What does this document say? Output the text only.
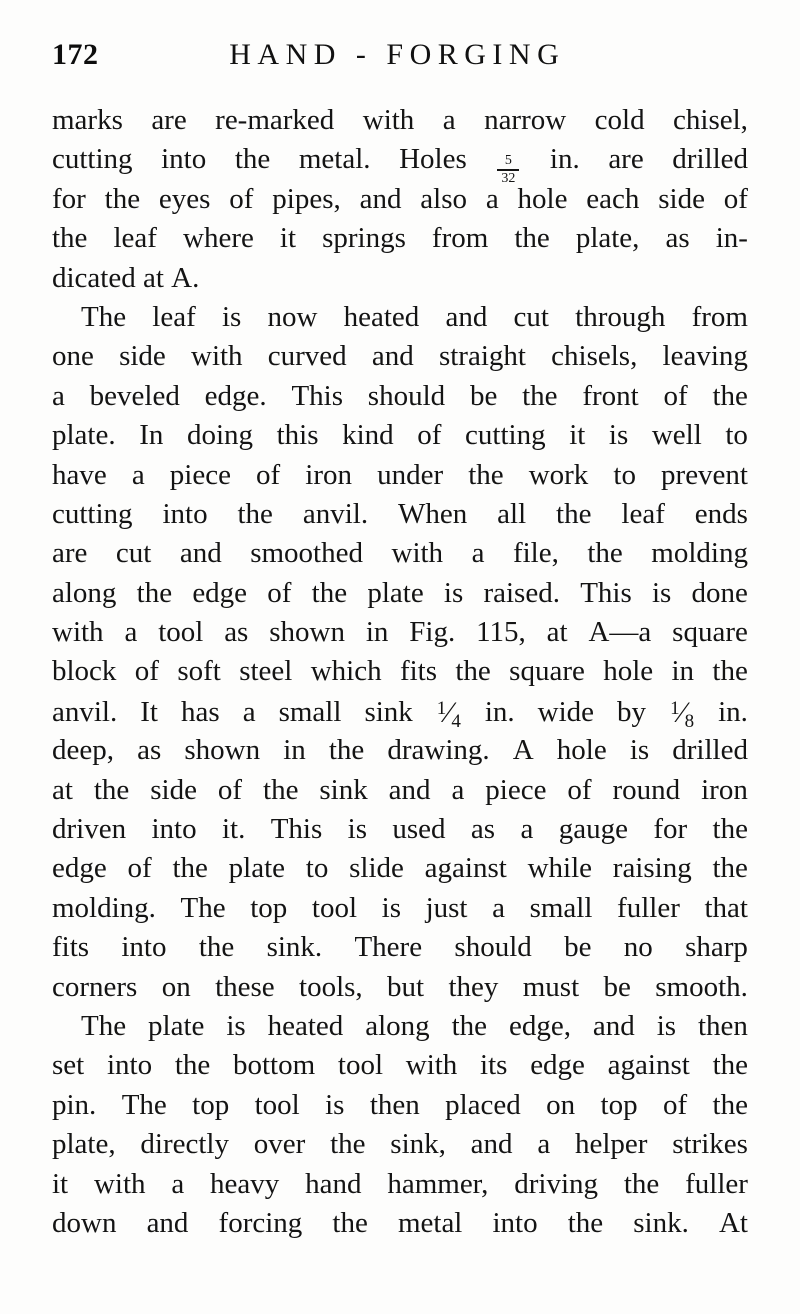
172	HAND - FORGING
marks are re-marked with a narrow cold chisel,
cutting into the metal. Holes $\frac{5}{32}$ in. are drilled
for the eyes of pipes, and also a hole each side of
the leaf where it springs from the plate, as in-
dicated
at
A.
The leaf is now heated and cut through from
one side with curved and straight chisels, leaving
a beveled edge. This should be the front of the
plate. In doing this kind of cutting it is well to
have a piece of iron under the work to prevent
cutting into the anvil. When all the leaf ends
are cut and smoothed with a file, the molding
along the edge of the plate is raised. This is done
with a tool as shown in Fig. 115, at A—a square
block of soft steel which fits the square hole in the
anvil. It has a small sink $^1⁄_4$ in. wide by $^1⁄_8$ in.
deep, as shown in the drawing. A hole is drilled
at the side of the sink and a piece of round iron
driven into it. This is used as a gauge for the
edge of the plate to slide against while raising the
molding. The top tool is just a small fuller that
fits into the sink. There should be no sharp
corners on these tools, but they must be smooth.
The plate is heated along the edge, and is then
set into the bottom tool with its edge against the
pin. The top tool is then placed on top of the
plate, directly over the sink, and a helper strikes
it with a heavy hand hammer, driving the fuller
down and forcing the metal into the sink. At
